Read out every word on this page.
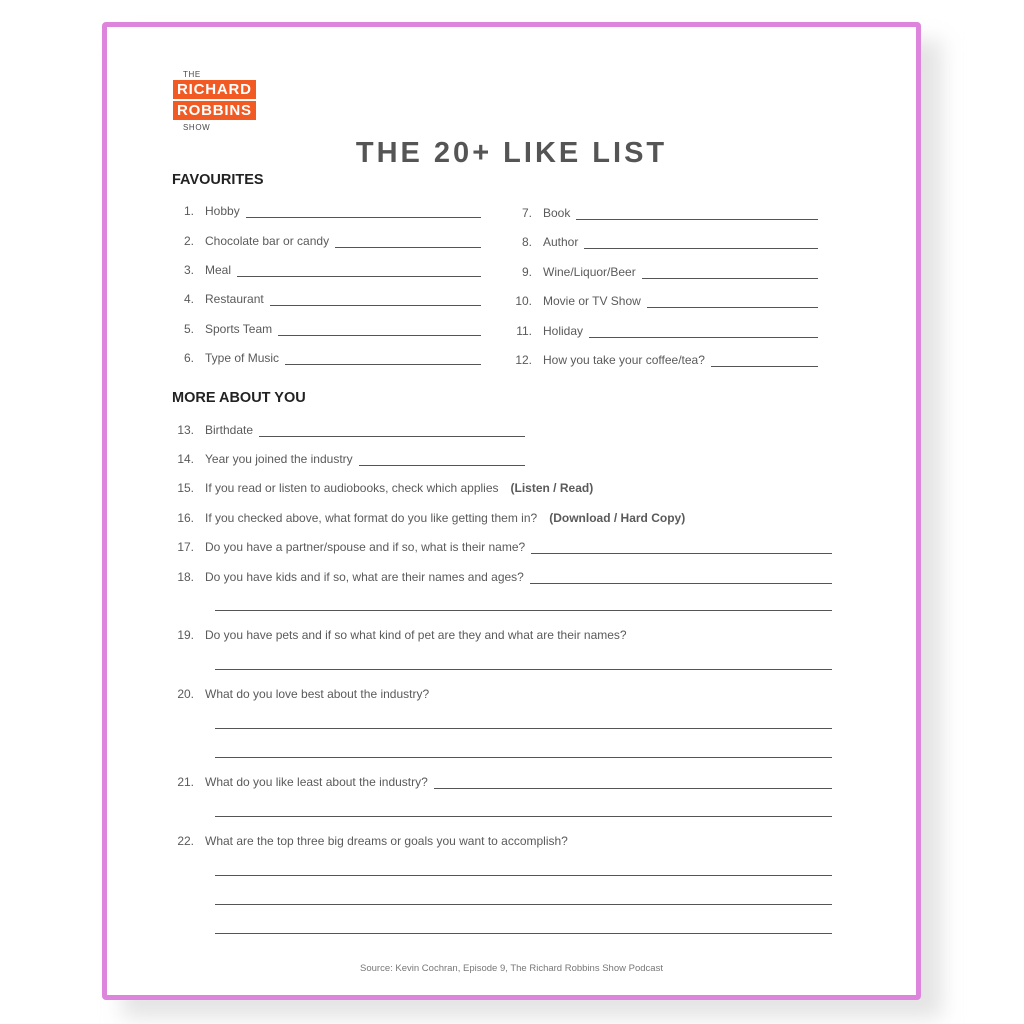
THE
RICHARD
ROBBINS
SHOW
THE 20+ LIKE LIST
FAVOURITES
1. Hobby
2. Chocolate bar or candy
3. Meal
4. Restaurant
5. Sports Team
6. Type of Music
7. Book
8. Author
9. Wine/Liquor/Beer
10. Movie or TV Show
11. Holiday
12. How you take your coffee/tea?
MORE ABOUT YOU
13. Birthdate
14. Year you joined the industry
15. If you read or listen to audiobooks, check which applies (Listen / Read)
16. If you checked above, what format do you like getting them in? (Download / Hard Copy)
17. Do you have a partner/spouse and if so, what is their name?
18. Do you have kids and if so, what are their names and ages?
19. Do you have pets and if so what kind of pet are they and what are their names?
20. What do you love best about the industry?
21. What do you like least about the industry?
22. What are the top three big dreams or goals you want to accomplish?
Source: Kevin Cochran, Episode 9, The Richard Robbins Show Podcast
